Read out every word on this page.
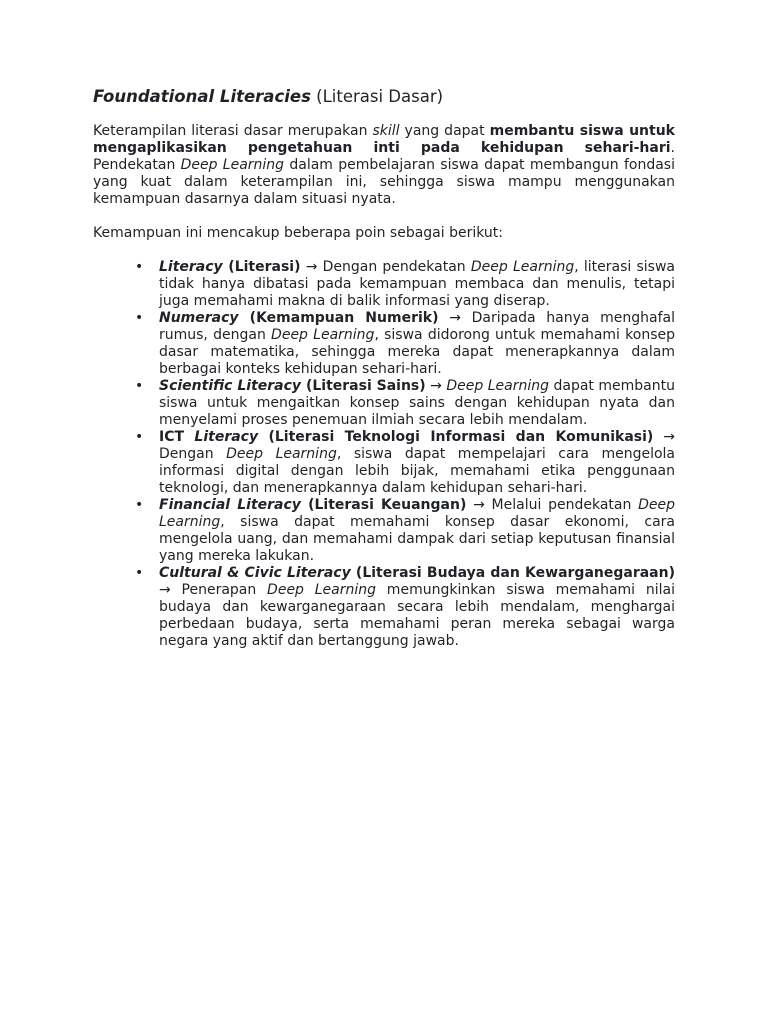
Foundational Literacies (Literasi Dasar)

Keterampilan literasi dasar merupakan skill yang dapat membantu siswa untuk mengaplikasikan pengetahuan inti pada kehidupan sehari-hari. Pendekatan Deep Learning dalam pembelajaran siswa dapat membangun fondasi yang kuat dalam keterampilan ini, sehingga siswa mampu menggunakan kemampuan dasarnya dalam situasi nyata.

Kemampuan ini mencakup beberapa poin sebagai berikut:

• Literacy (Literasi) → Dengan pendekatan Deep Learning, literasi siswa tidak hanya dibatasi pada kemampuan membaca dan menulis, tetapi juga memahami makna di balik informasi yang diserap.
• Numeracy (Kemampuan Numerik) → Daripada hanya menghafal rumus, dengan Deep Learning, siswa didorong untuk memahami konsep dasar matematika, sehingga mereka dapat menerapkannya dalam berbagai konteks kehidupan sehari-hari.
• Scientific Literacy (Literasi Sains) → Deep Learning dapat membantu siswa untuk mengaitkan konsep sains dengan kehidupan nyata dan menyelami proses penemuan ilmiah secara lebih mendalam.
• ICT Literacy (Literasi Teknologi Informasi dan Komunikasi) → Dengan Deep Learning, siswa dapat mempelajari cara mengelola informasi digital dengan lebih bijak, memahami etika penggunaan teknologi, dan menerapkannya dalam kehidupan sehari-hari.
• Financial Literacy (Literasi Keuangan) → Melalui pendekatan Deep Learning, siswa dapat memahami konsep dasar ekonomi, cara mengelola uang, dan memahami dampak dari setiap keputusan finansial yang mereka lakukan.
• Cultural & Civic Literacy (Literasi Budaya dan Kewarganegaraan) → Penerapan Deep Learning memungkinkan siswa memahami nilai budaya dan kewarganegaraan secara lebih mendalam, menghargai perbedaan budaya, serta memahami peran mereka sebagai warga negara yang aktif dan bertanggung jawab.
